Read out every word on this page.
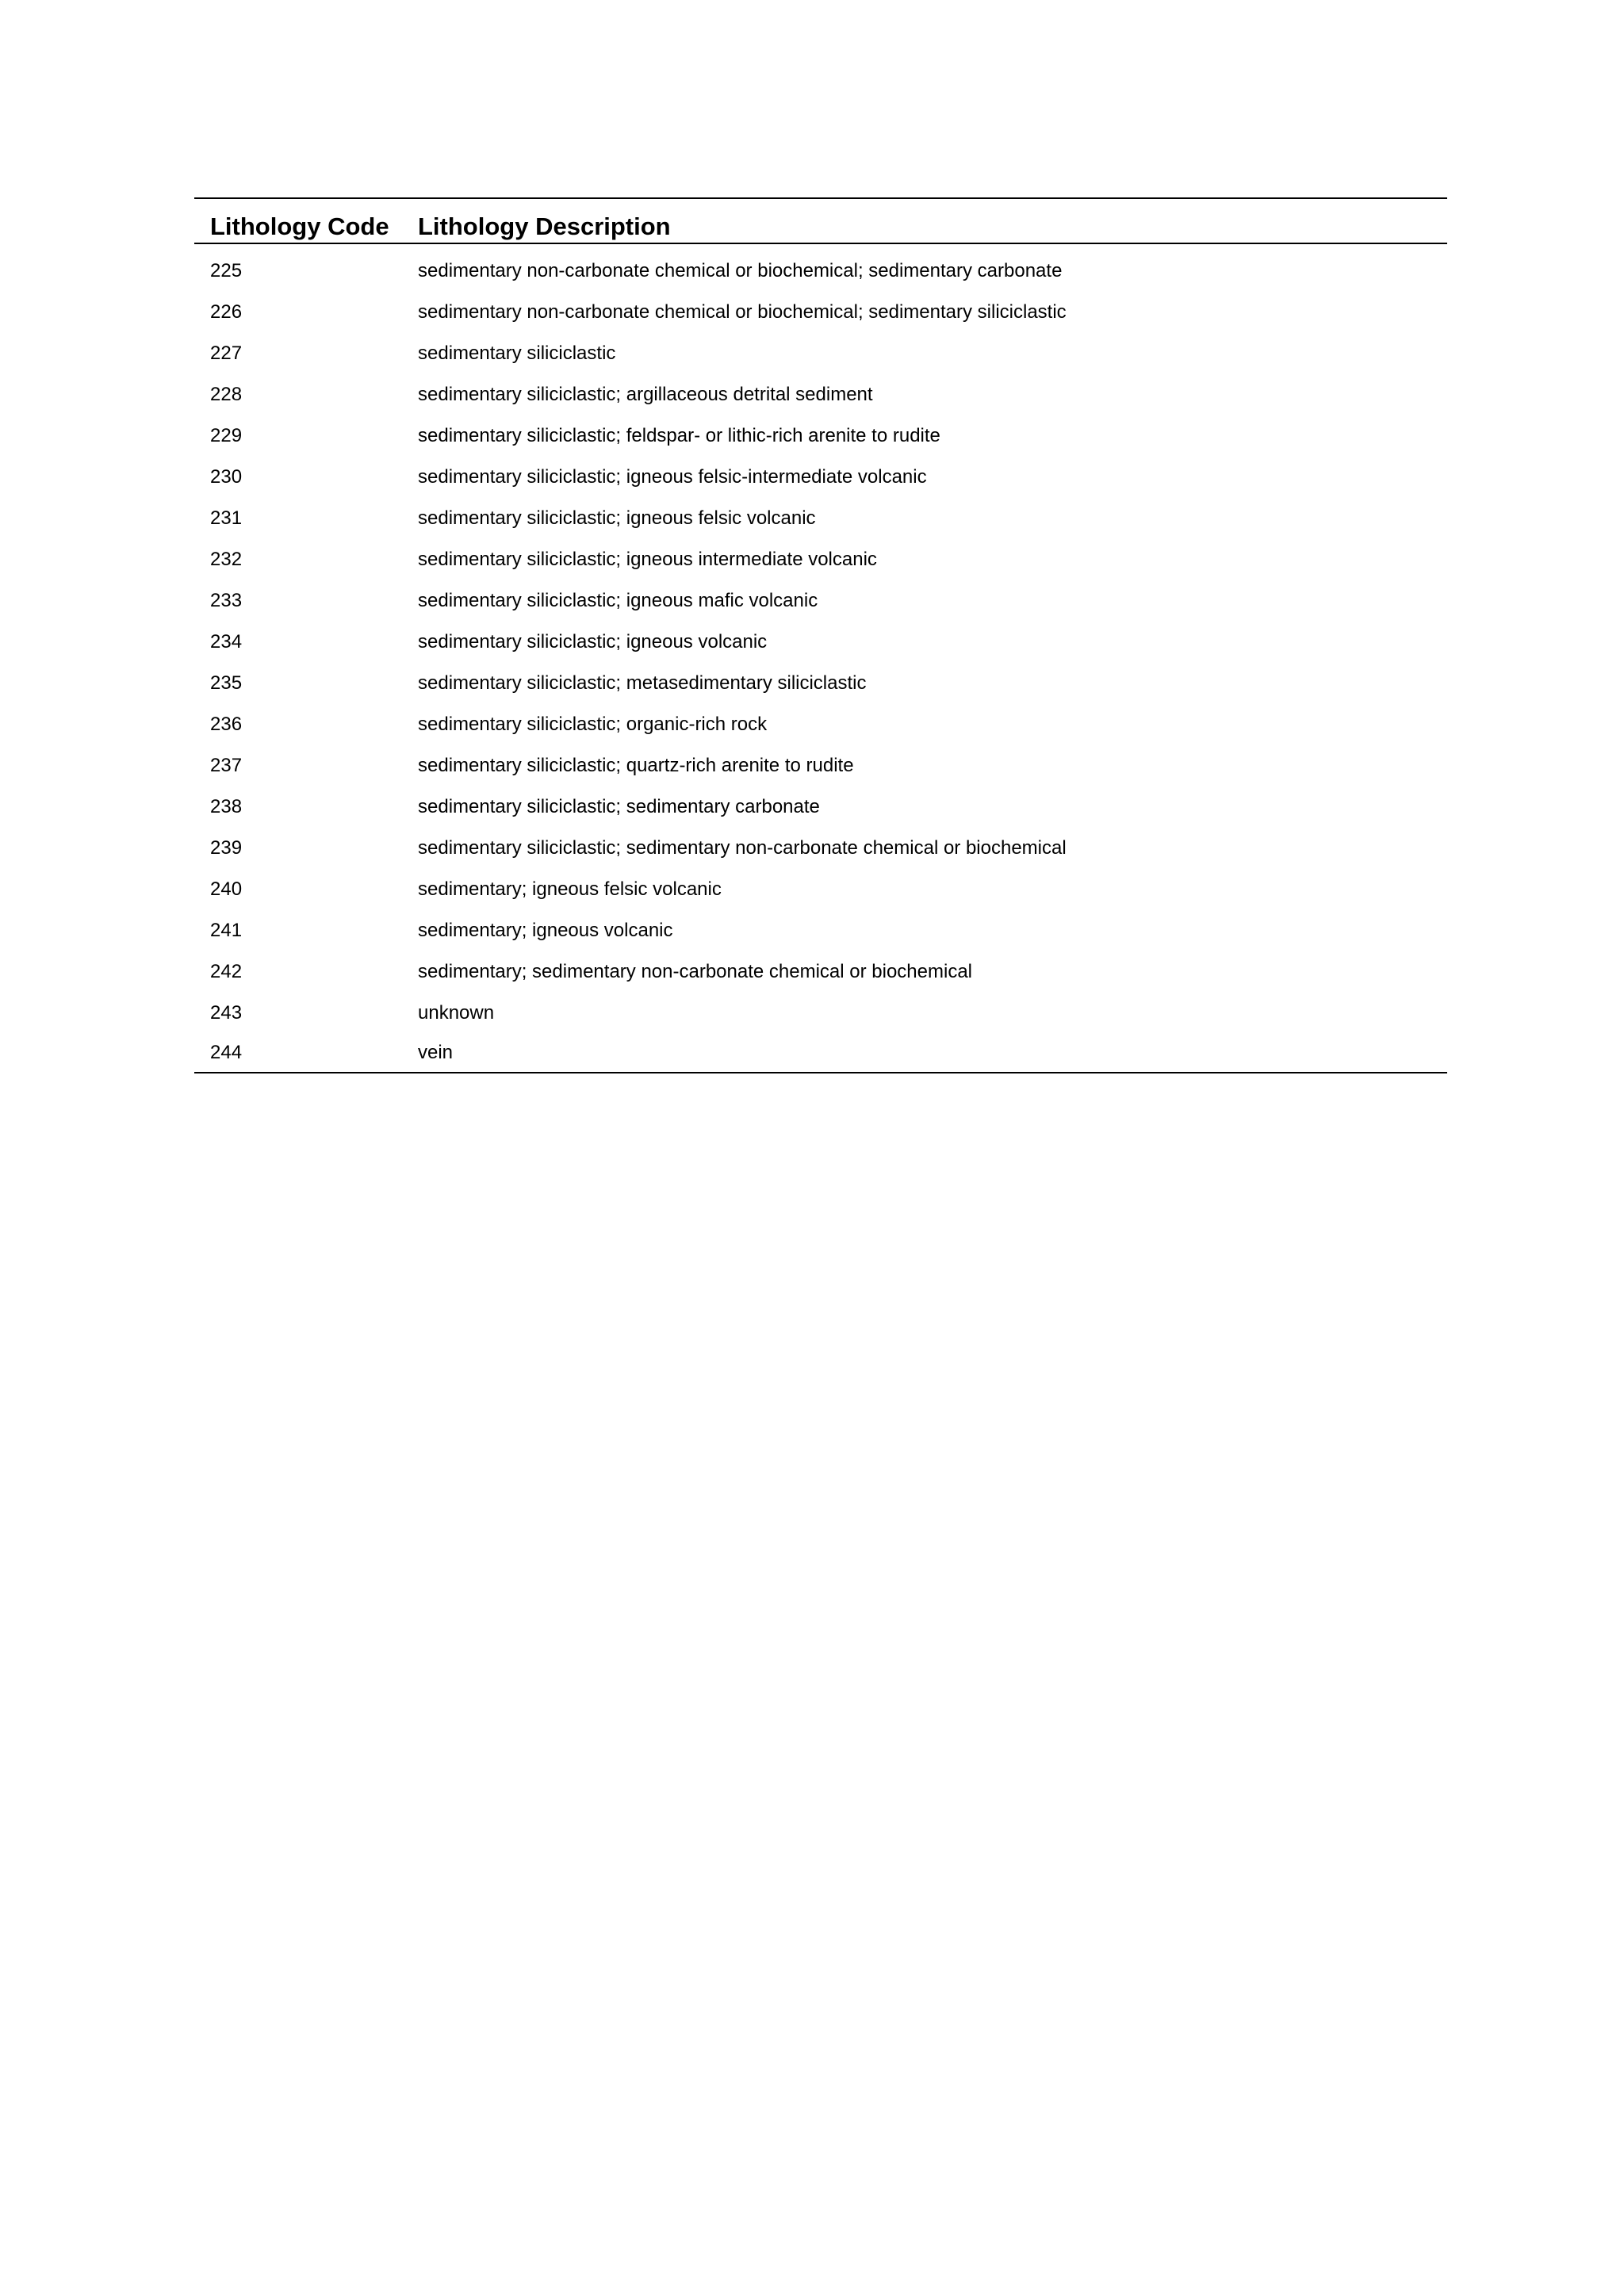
Lithology Code	Lithology Description
225	sedimentary non-carbonate chemical or biochemical; sedimentary carbonate
226	sedimentary non-carbonate chemical or biochemical; sedimentary siliciclastic
227	sedimentary siliciclastic
228	sedimentary siliciclastic; argillaceous detrital sediment
229	sedimentary siliciclastic; feldspar- or lithic-rich arenite to rudite
230	sedimentary siliciclastic; igneous felsic-intermediate volcanic
231	sedimentary siliciclastic; igneous felsic volcanic
232	sedimentary siliciclastic; igneous intermediate volcanic
233	sedimentary siliciclastic; igneous mafic volcanic
234	sedimentary siliciclastic; igneous volcanic
235	sedimentary siliciclastic; metasedimentary siliciclastic
236	sedimentary siliciclastic; organic-rich rock
237	sedimentary siliciclastic; quartz-rich arenite to rudite
238	sedimentary siliciclastic; sedimentary carbonate
239	sedimentary siliciclastic; sedimentary non-carbonate chemical or biochemical
240	sedimentary; igneous felsic volcanic
241	sedimentary; igneous volcanic
242	sedimentary; sedimentary non-carbonate chemical or biochemical
243	unknown
244	vein
